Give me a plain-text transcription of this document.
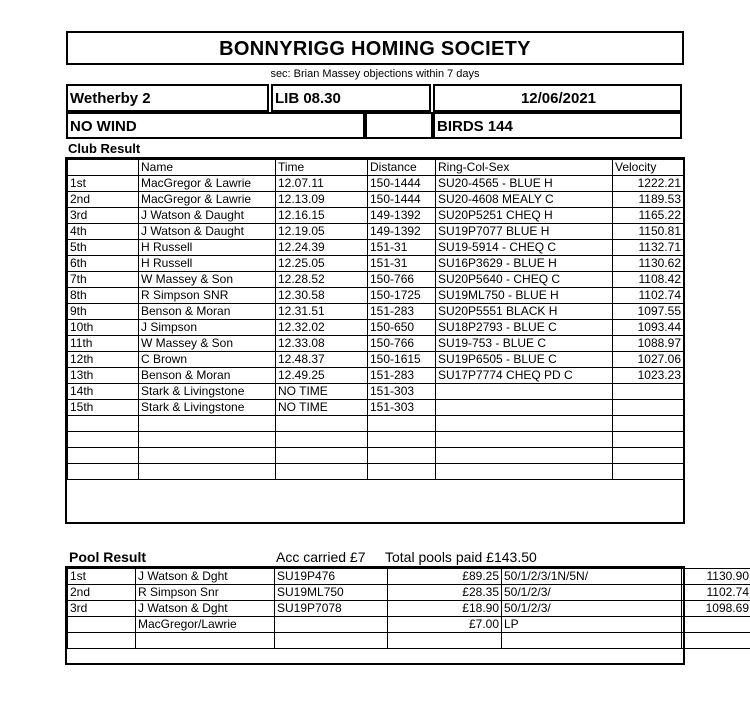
BONNYRIGG HOMING SOCIETY
sec: Brian Massey objections within 7 days
Wetherby 2	LIB 08.30	12/06/2021
NO WIND	BIRDS 144
Club Result
	Name	Time	Distance	Ring-Col-Sex	Velocity
1st	MacGregor & Lawrie	12.07.11	150-1444	SU20-4565 - BLUE H	1222.21
2nd	MacGregor & Lawrie	12.13.09	150-1444	SU20-4608 MEALY C	1189.53
3rd	J Watson & Daught	12.16.15	149-1392	SU20P5251 CHEQ H	1165.22
4th	J Watson & Daught	12.19.05	149-1392	SU19P7077 BLUE H	1150.81
5th	H Russell	12.24.39	151-31	SU19-5914 - CHEQ C	1132.71
6th	H Russell	12.25.05	151-31	SU16P3629 - BLUE H	1130.62
7th	W Massey & Son	12.28.52	150-766	SU20P5640 - CHEQ C	1108.42
8th	R Simpson SNR	12.30.58	150-1725	SU19ML750 - BLUE H	1102.74
9th	Benson & Moran	12.31.51	151-283	SU20P5551 BLACK H	1097.55
10th	J Simpson	12.32.02	150-650	SU18P2793 - BLUE C	1093.44
11th	W Massey & Son	12.33.08	150-766	SU19-753 - BLUE C	1088.97
12th	C Brown	12.48.37	150-1615	SU19P6505 - BLUE C	1027.06
13th	Benson & Moran	12.49.25	151-283	SU17P7774 CHEQ PD C	1023.23
14th	Stark & Livingstone	NO TIME	151-303		
15th	Stark & Livingstone	NO TIME	151-303		

Pool Result	Acc carried £7 Total pools paid £143.50
1st	J Watson & Dght	SU19P476	£89.25	50/1/2/3/1N/5N/	1130.90
2nd	R Simpson Snr	SU19ML750	£28.35	50/1/2/3/	1102.74
3rd	J Watson & Dght	SU19P7078	£18.90	50/1/2/3/	1098.69
	MacGregor/Lawrie		£7.00	LP	
